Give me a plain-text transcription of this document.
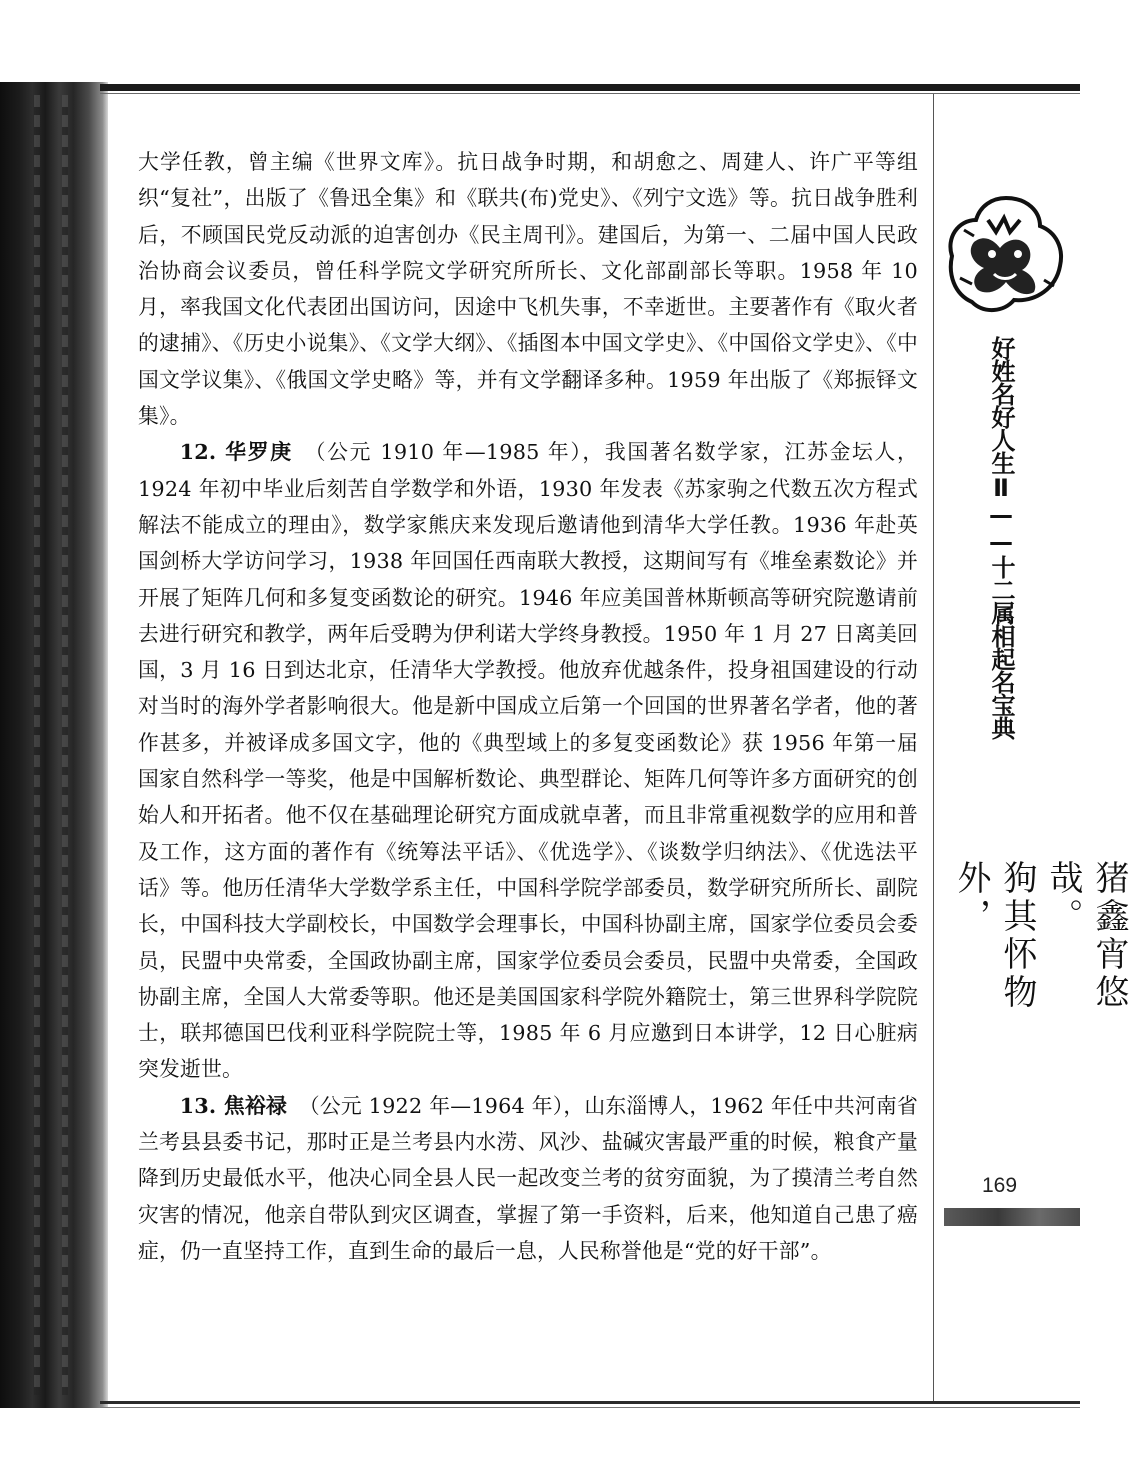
大学任教，曾主编《世界文库》。抗日战争时期，和胡愈之、周建人、许广平等组织“复社”，出版了《鲁迅全集》和《联共(布)党史》、《列宁文选》等。抗日战争胜利后，不顾国民党反动派的迫害创办《民主周刊》。建国后，为第一、二届中国人民政治协商会议委员，曾任科学院文学研究所所长、文化部副部长等职。1958 年 10 月，率我国文化代表团出国访问，因途中飞机失事，不幸逝世。主要著作有《取火者的逮捕》、《历史小说集》、《文学大纲》、《插图本中国文学史》、《中国俗文学史》、《中国文学议集》、《俄国文学史略》等，并有文学翻译多种。1959 年出版了《郑振铎文集》。

12. 华罗庚 （公元 1910 年—1985 年），我国著名数学家，江苏金坛人，1924 年初中毕业后刻苦自学数学和外语，1930 年发表《苏家驹之代数五次方程式解法不能成立的理由》，数学家熊庆来发现后邀请他到清华大学任教。1936 年赴英国剑桥大学访问学习，1938 年回国任西南联大教授，这期间写有《堆垒素数论》并开展了矩阵几何和多复变函数论的研究。1946 年应美国普林斯顿高等研究院邀请前去进行研究和教学，两年后受聘为伊利诺大学终身教授。1950 年 1 月 27 日离美回国，3 月 16 日到达北京，任清华大学教授。他放弃优越条件，投身祖国建设的行动对当时的海外学者影响很大。他是新中国成立后第一个回国的世界著名学者，他的著作甚多，并被译成多国文字，他的《典型域上的多复变函数论》获 1956 年第一届国家自然科学一等奖，他是中国解析数论、典型群论、矩阵几何等许多方面研究的创始人和开拓者。他不仅在基础理论研究方面成就卓著，而且非常重视数学的应用和普及工作，这方面的著作有《统筹法平话》、《优选学》、《谈数学归纳法》、《优选法平话》等。他历任清华大学数学系主任，中国科学院学部委员，数学研究所所长、副院长，中国科技大学副校长，中国数学会理事长，中国科协副主席，国家学位委员会委员，民盟中央常委，全国政协副主席，国家学位委员会委员，民盟中央常委，全国政协副主席，全国人大常委等职。他还是美国国家科学院外籍院士，第三世界科学院院士，联邦德国巴伐利亚科学院院士等，1985 年 6 月应邀到日本讲学，12 日心脏病突发逝世。

13. 焦裕禄 （公元 1922 年—1964 年），山东淄博人，1962 年任中共河南省兰考县县委书记，那时正是兰考县内水涝、风沙、盐碱灾害最严重的时候，粮食产量降到历史最低水平，他决心同全县人民一起改变兰考的贫穷面貌，为了摸清兰考自然灾害的情况，他亲自带队到灾区调查，掌握了第一手资料，后来，他知道自己患了癌症，仍一直坚持工作，直到生命的最后一息，人民称誉他是“党的好干部”。

好姓名好人生Ⅱ——十二属相起名宝典
猪鑫宵悠哉。
狗其怀物外，
169
